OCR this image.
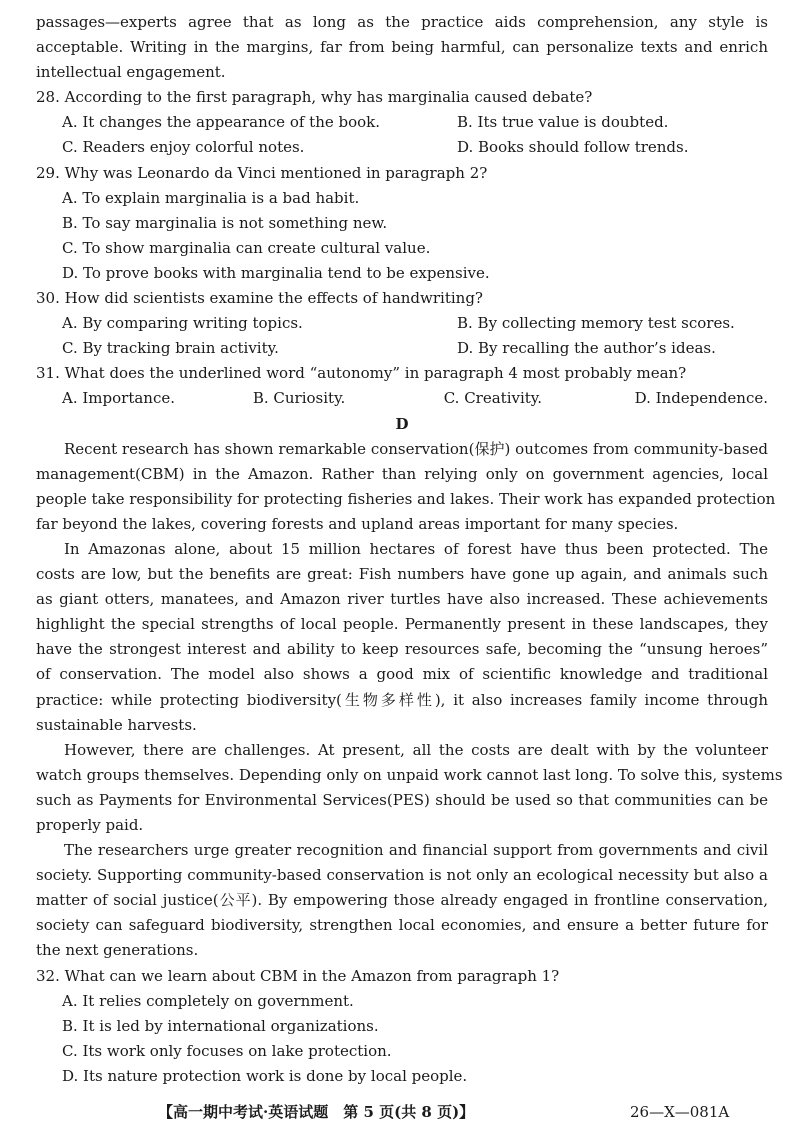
passages—experts agree that as long as the practice aids comprehension, any style is
acceptable. Writing in the margins, far from being harmful, can personalize texts and enrich
intellectual engagement.
28. According to the first paragraph, why has marginalia caused debate?
A. It changes the appearance of the book.	B. Its true value is doubted.
C. Readers enjoy colorful notes.	D. Books should follow trends.
29. Why was Leonardo da Vinci mentioned in paragraph 2?
A. To explain marginalia is a bad habit.
B. To say marginalia is not something new.
C. To show marginalia can create cultural value.
D. To prove books with marginalia tend to be expensive.
30. How did scientists examine the effects of handwriting?
A. By comparing writing topics.	B. By collecting memory test scores.
C. By tracking brain activity.	D. By recalling the author’s ideas.
31. What does the underlined word “autonomy” in paragraph 4 most probably mean?
A. Importance.	B. Curiosity.	C. Creativity.	D. Independence.
D
Recent research has shown remarkable conservation(保护) outcomes from community-based
management(CBM) in the Amazon. Rather than relying only on government agencies, local
people take responsibility for protecting fisheries and lakes. Their work has expanded protection
far beyond the lakes, covering forests and upland areas important for many species.
In Amazonas alone, about 15 million hectares of forest have thus been protected. The
costs are low, but the benefits are great: Fish numbers have gone up again, and animals such
as giant otters, manatees, and Amazon river turtles have also increased. These achievements
highlight the special strengths of local people. Permanently present in these landscapes, they
have the strongest interest and ability to keep resources safe, becoming the “unsung heroes”
of conservation. The model also shows a good mix of scientific knowledge and traditional
practice: while protecting biodiversity(生物多样性), it also increases family income through
sustainable harvests.
However, there are challenges. At present, all the costs are dealt with by the volunteer
watch groups themselves. Depending only on unpaid work cannot last long. To solve this, systems
such as Payments for Environmental Services(PES) should be used so that communities can be
properly paid.
The researchers urge greater recognition and financial support from governments and civil
society. Supporting community-based conservation is not only an ecological necessity but also a
matter of social justice(公平). By empowering those already engaged in frontline conservation,
society can safeguard biodiversity, strengthen local economies, and ensure a better future for
the next generations.
32. What can we learn about CBM in the Amazon from paragraph 1?
A. It relies completely on government.
B. It is led by international organizations.
C. Its work only focuses on lake protection.
D. Its nature protection work is done by local people.
【高一期中考试·英语试题　第 5 页(共 8 页)】	26—X—081A
